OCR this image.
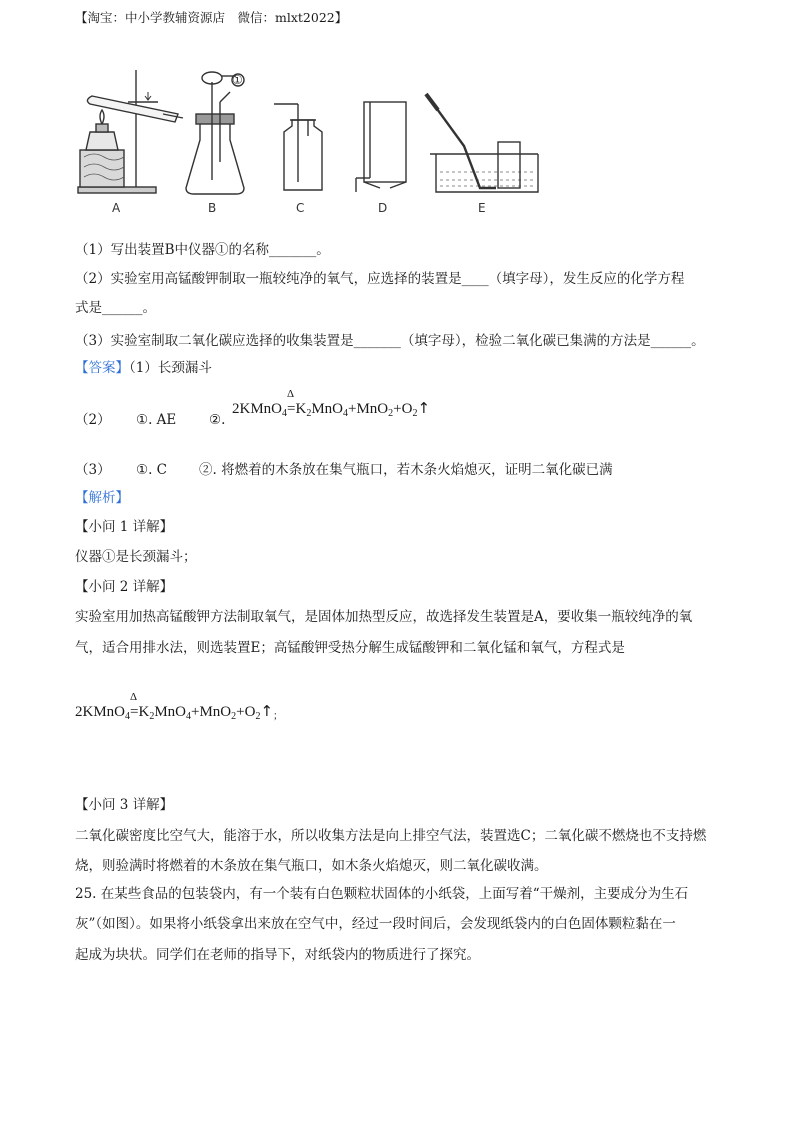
【淘宝：中小学教辅资源店　微信：mlxt2022】
A	B	C	D	E
①
（1）写出装置B中仪器①的名称_______。
（2）实验室用高锰酸钾制取一瓶较纯净的氧气，应选择的装置是____（填字母），发生反应的化学方程
式是______。
（3）实验室制取二氧化碳应选择的收集装置是_______（填字母），检验二氧化碳已集满的方法是______。
【答案】（1）长颈漏斗
（2） ①. AE ②.
2KMnO$_4$
Δ
$=K_2MnO_4+MnO_2+O_2↑$
（3） ①. C ②. 将燃着的木条放在集气瓶口，若木条火焰熄灭，证明二氧化碳已满
【解析】
【小问 1 详解】
仪器①是长颈漏斗；
【小问 2 详解】
实验室用加热高锰酸钾方法制取氧气，是固体加热型反应，故选择发生装置是A，要收集一瓶较纯净的氧
气，适合用排水法，则选装置E；高锰酸钾受热分解生成锰酸钾和二氧化锰和氧气，方程式是
2KMnO$_4$
Δ
$=K_2MnO_4+MnO_2+O_2↑_;$
【小问 3 详解】
二氧化碳密度比空气大，能溶于水，所以收集方法是向上排空气法，装置选C；二氧化碳不燃烧也不支持燃
烧，则验满时将燃着的木条放在集气瓶口，如木条火焰熄灭，则二氧化碳收满。
25. 在某些食品的包装袋内，有一个装有白色颗粒状固体的小纸袋，上面写着“干燥剂，主要成分为生石
灰”（如图）。如果将小纸袋拿出来放在空气中，经过一段时间后，会发现纸袋内的白色固体颗粒黏在一
起成为块状。同学们在老师的指导下，对纸袋内的物质进行了探究。
